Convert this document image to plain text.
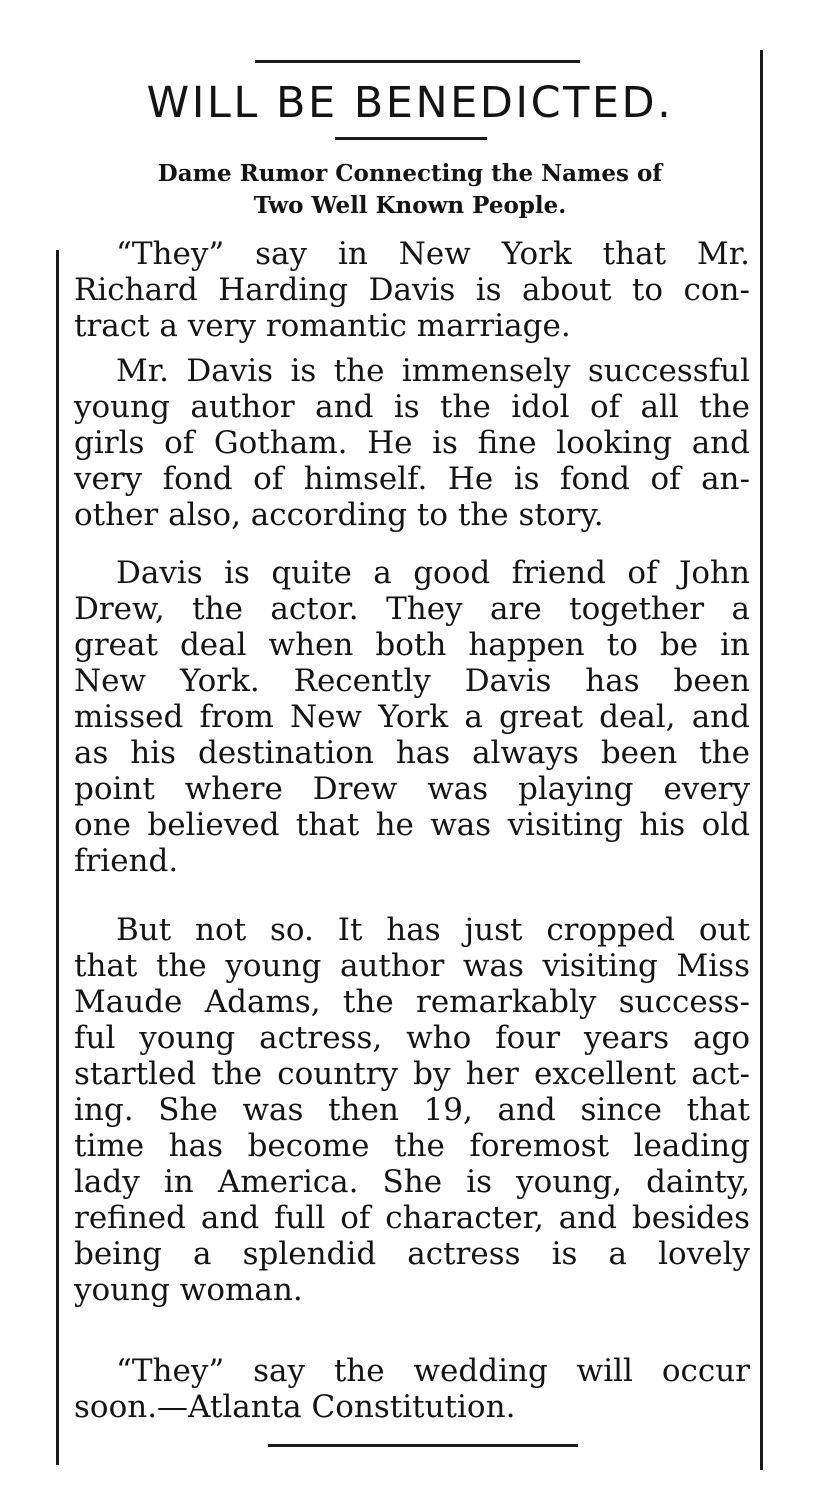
WILL BE BENEDICTED.
Dame Rumor Connecting the Names of
Two Well Known People.
“They” say in New York that Mr.
Richard Harding Davis is about to con-
tract a very romantic marriage.
Mr. Davis is the immensely successful
young author and is the idol of all the
girls of Gotham. He is fine looking and
very fond of himself. He is fond of an-
other also, according to the story.
Davis is quite a good friend of John
Drew, the actor. They are together a
great deal when both happen to be in
New York. Recently Davis has been
missed from New York a great deal, and
as his destination has always been the
point where Drew was playing every
one believed that he was visiting his old
friend.
But not so. It has just cropped out
that the young author was visiting Miss
Maude Adams, the remarkably success-
ful young actress, who four years ago
startled the country by her excellent act-
ing. She was then 19, and since that
time has become the foremost leading
lady in America. She is young, dainty,
refined and full of character, and besides
being a splendid actress is a lovely
young woman.
“They” say the wedding will occur
soon.—Atlanta Constitution.
